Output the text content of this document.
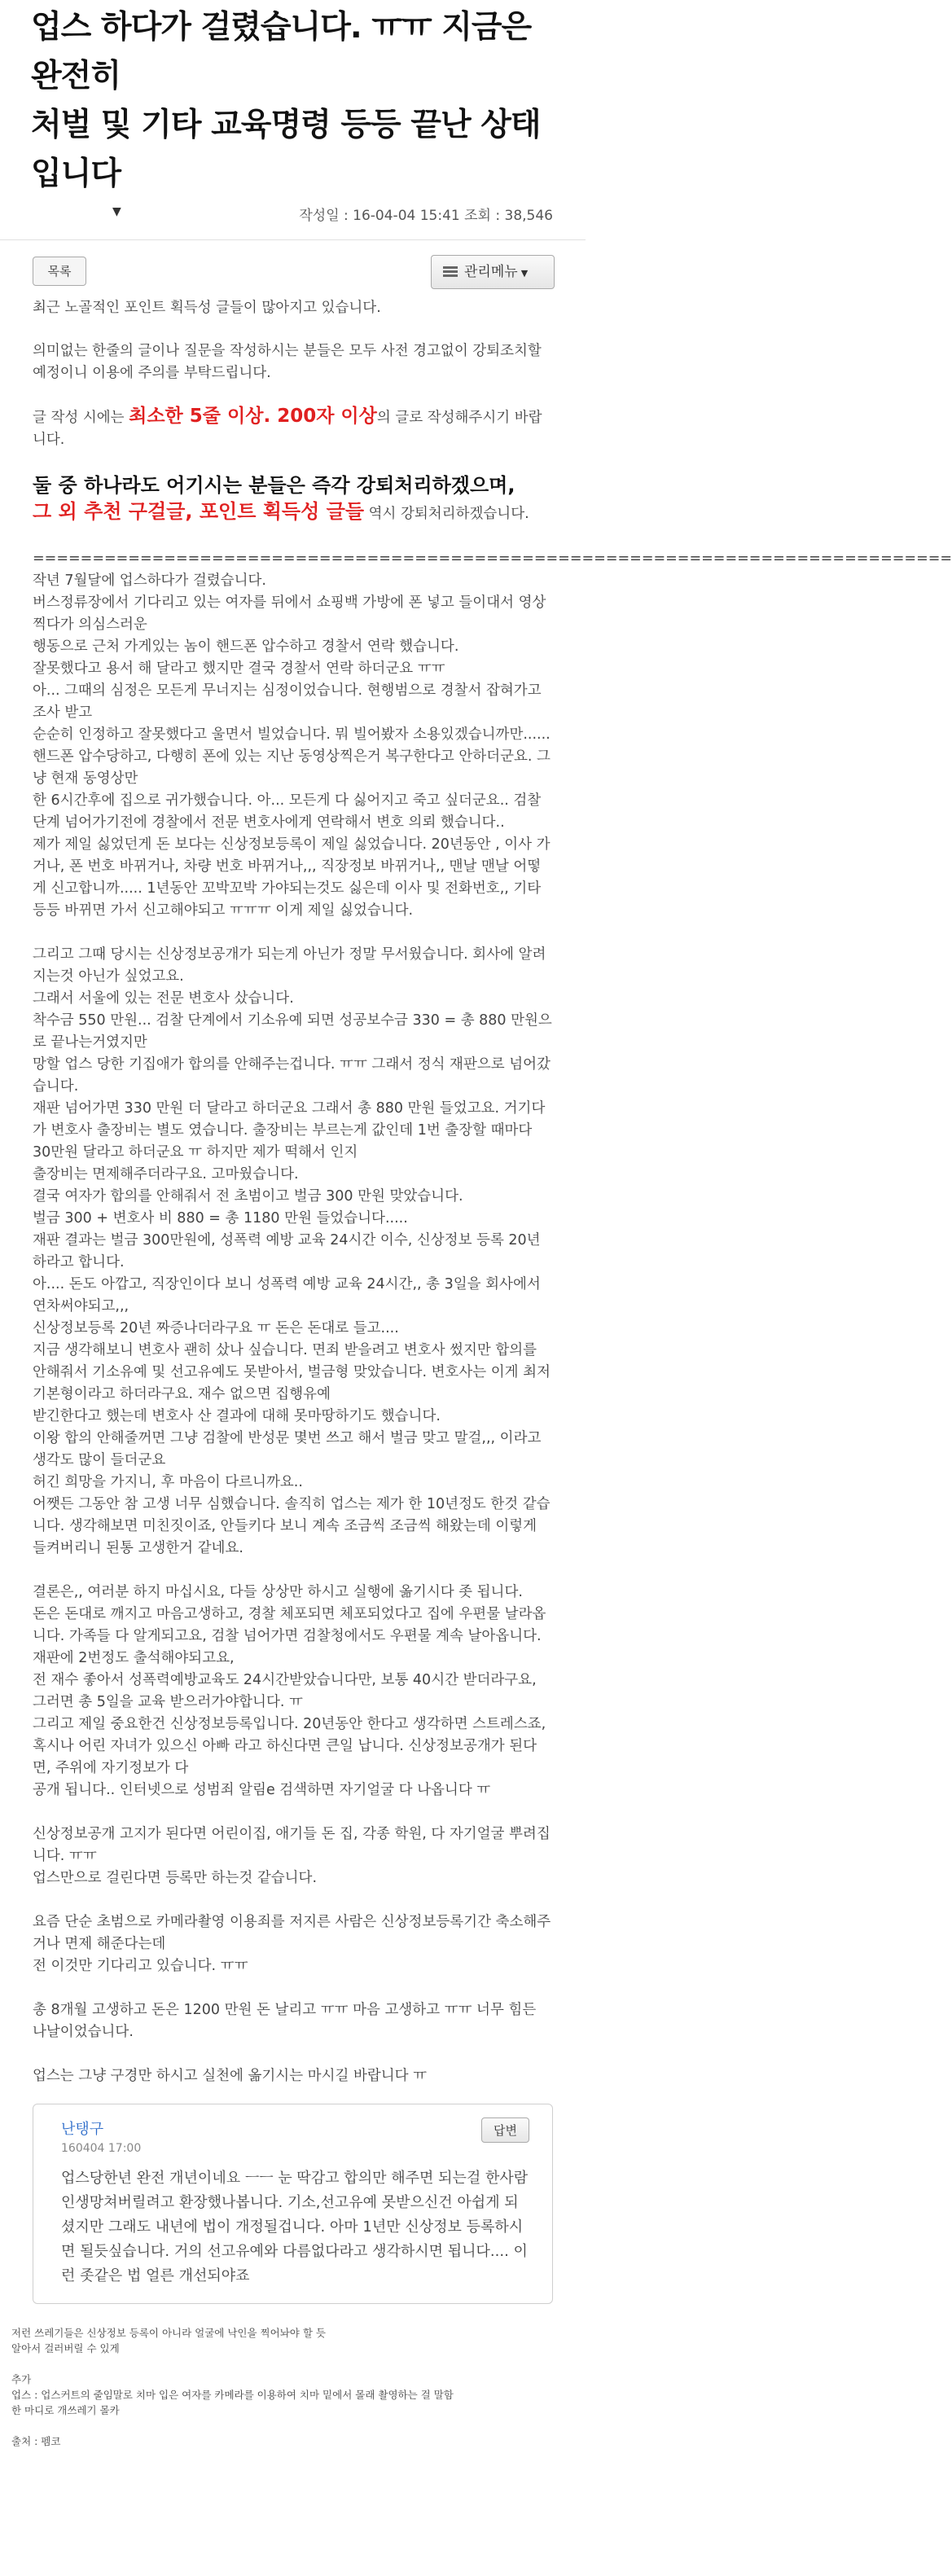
업스 하다가 걸렸습니다. ㅠㅠ 지금은 완전히
처벌 및 기타 교육명령 등등 끝난 상태 입니다
▼	작성일 : 16-04-04 15:41 조회 : 38,546
목록	관리메뉴 ▼

최근 노골적인 포인트 획득성 글들이 많아지고 있습니다.

의미없는 한줄의 글이나 질문을 작성하시는 분들은 모두 사전 경고없이 강퇴조치할 예정이니 이용에 주의를 부탁드립니다.

글 작성 시에는 최소한 5줄 이상. 200자 이상의 글로 작성해주시기 바랍니다.

둘 중 하나라도 어기시는 분들은 즉각 강퇴처리하겠으며,
그 외 추천 구걸글, 포인트 획득성 글들 역시 강퇴처리하겠습니다.

=============================================================================

작년 7월달에 업스하다가 걸렸습니다.

버스정류장에서 기다리고 있는 여자를 뒤에서 쇼핑백 가방에 폰 넣고 들이대서 영상 찍다가 의심스러운

행동으로 근처 가게있는 놈이 핸드폰 압수하고 경찰서 연락 했습니다.

잘못했다고 용서 해 달라고 했지만 결국 경찰서 연락 하더군요 ㅠㅠ

아... 그때의 심정은 모든게 무너지는 심정이었습니다. 현행범으로 경찰서 잡혀가고 조사 받고

순순히 인정하고 잘못했다고 울면서 빌었습니다. 뭐 빌어봤자 소용있겠습니까만......

핸드폰 압수당하고, 다행히 폰에 있는 지난 동영상찍은거 복구한다고 안하더군요. 그냥 현재 동영상만

한 6시간후에 집으로 귀가했습니다. 아... 모든게 다 싫어지고 죽고 싶더군요.. 검찰 단계 넘어가기전에 경찰에서 전문 변호사에게 연락해서 변호 의뢰 했습니다..

제가 제일 싫었던게 돈 보다는 신상정보등록이 제일 싫었습니다. 20년동안 , 이사 가거나, 폰 번호 바뀌거나, 차량 번호 바뀌거나,,, 직장정보 바뀌거나,, 맨날 맨날 어떻게 신고합니까..... 1년동안 꼬박꼬박 가야되는것도 싫은데 이사 및 전화번호,, 기타 등등 바뀌면 가서 신고해야되고 ㅠㅠㅠ 이게 제일 싫었습니다.

그리고 그때 당시는 신상정보공개가 되는게 아닌가 정말 무서웠습니다. 회사에 알려지는것 아닌가 싶었고요.

그래서 서울에 있는 전문 변호사 샀습니다.

착수금 550 만원... 검찰 단계에서 기소유예 되면 성공보수금 330 = 총 880 만원으로 끝나는거였지만

망할 업스 당한 기집애가 합의를 안해주는겁니다. ㅠㅠ 그래서 정식 재판으로 넘어갔습니다.

재판 넘어가면 330 만원 더 달라고 하더군요 그래서 총 880 만원 들었고요. 거기다가 변호사 출장비는 별도 였습니다. 출장비는 부르는게 값인데 1번 출장할 때마다 30만원 달라고 하더군요 ㅠ 하지만 제가 떡해서 인지

출장비는 면제해주더라구요. 고마웠습니다.

결국 여자가 합의를 안해줘서 전 초범이고 벌금 300 만원 맞았습니다.

벌금 300 + 변호사 비 880 = 총 1180 만원 들었습니다.....

재판 결과는 벌금 300만원에, 성폭력 예방 교육 24시간 이수, 신상정보 등록 20년 하라고 합니다.

아.... 돈도 아깝고, 직장인이다 보니 성폭력 예방 교육 24시간,, 총 3일을 회사에서 연차써야되고,,,

신상정보등록 20년 짜증나더라구요 ㅠ 돈은 돈대로 들고....

지금 생각해보니 변호사 괜히 샀나 싶습니다. 면죄 받을려고 변호사 썼지만 합의를 안해줘서 기소유예 및 선고유예도 못받아서, 벌금형 맞았습니다. 변호사는 이게 최저 기본형이라고 하더라구요. 재수 없으면 집행유예

받긴한다고 했는데 변호사 산 결과에 대해 못마땅하기도 했습니다.

이왕 합의 안해줄꺼면 그냥 검찰에 반성문 몇번 쓰고 해서 벌금 맞고 말걸,,, 이라고 생각도 많이 들더군요

허긴 희망을 가지니, 후 마음이 다르니까요..

어쨋든 그동안 참 고생 너무 심했습니다. 솔직히 업스는 제가 한 10년정도 한것 같습니다. 생각해보면 미친짓이죠, 안들키다 보니 계속 조금씩 조금씩 해왔는데 이렇게 들켜버리니 된통 고생한거 같네요.

결론은,, 여러분 하지 마십시요, 다들 상상만 하시고 실행에 옮기시다 좃 됩니다.

돈은 돈대로 깨지고 마음고생하고, 경찰 체포되면 체포되었다고 집에 우편물 날라옵니다. 가족들 다 알게되고요, 검찰 넘어가면 검찰청에서도 우편물 계속 날아옵니다. 재판에 2번정도 출석해야되고요,

전 재수 좋아서 성폭력예방교육도 24시간받았습니다만, 보통 40시간 받더라구요, 그러면 총 5일을 교육 받으러가야합니다. ㅠ

그리고 제일 중요한건 신상정보등록입니다. 20년동안 한다고 생각하면 스트레스죠,

혹시나 어린 자녀가 있으신 아빠 라고 하신다면 큰일 납니다. 신상정보공개가 된다면, 주위에 자기정보가 다

공개 됩니다.. 인터넷으로 성범죄 알림e 검색하면 자기얼굴 다 나옵니다 ㅠ

신상정보공개 고지가 된다면 어린이집, 애기들 돈 집, 각종 학원, 다 자기얼굴 뿌려집니다. ㅠㅠ

업스만으로 걸린다면 등록만 하는것 같습니다.

요즘 단순 초범으로 카메라촬영 이용죄를 저지른 사람은 신상정보등록기간 축소해주거나 면제 해준다는데

전 이것만 기다리고 있습니다. ㅠㅠ

총 8개월 고생하고 돈은 1200 만원 돈 날리고 ㅠㅠ 마음 고생하고 ㅠㅠ 너무 힘든 나날이었습니다.

업스는 그냥 구경만 하시고 실천에 옮기시는 마시길 바랍니다 ㅠ

난탱구
160404 17:00
답변
업스당한년 완전 개년이네요 ㅡㅡ 눈 딱감고 합의만 해주면 되는걸 한사람 인생망쳐버릴려고 환장했나봅니다. 기소,선고유예 못받으신건 아쉽게 되셨지만 그래도 내년에 법이 개정될겁니다. 아마 1년만 신상정보 등록하시면 될듯싶습니다. 거의 선고유예와 다름없다라고 생각하시면 됩니다.... 이런 좃같은 법 얼른 개선되야죠
저런 쓰레기들은 신상정보 등록이 아니라 얼굴에 낙인을 찍어놔야 할 듯
알아서 걸러버릴 수 있게
추가
업스 : 업스커트의 줄임말로 치마 입은 여자를 카메라를 이용하여 치마 밑에서 몰래 촬영하는 걸 말함
한 마디로 개쓰레기 몰카
출처 : 펨코
